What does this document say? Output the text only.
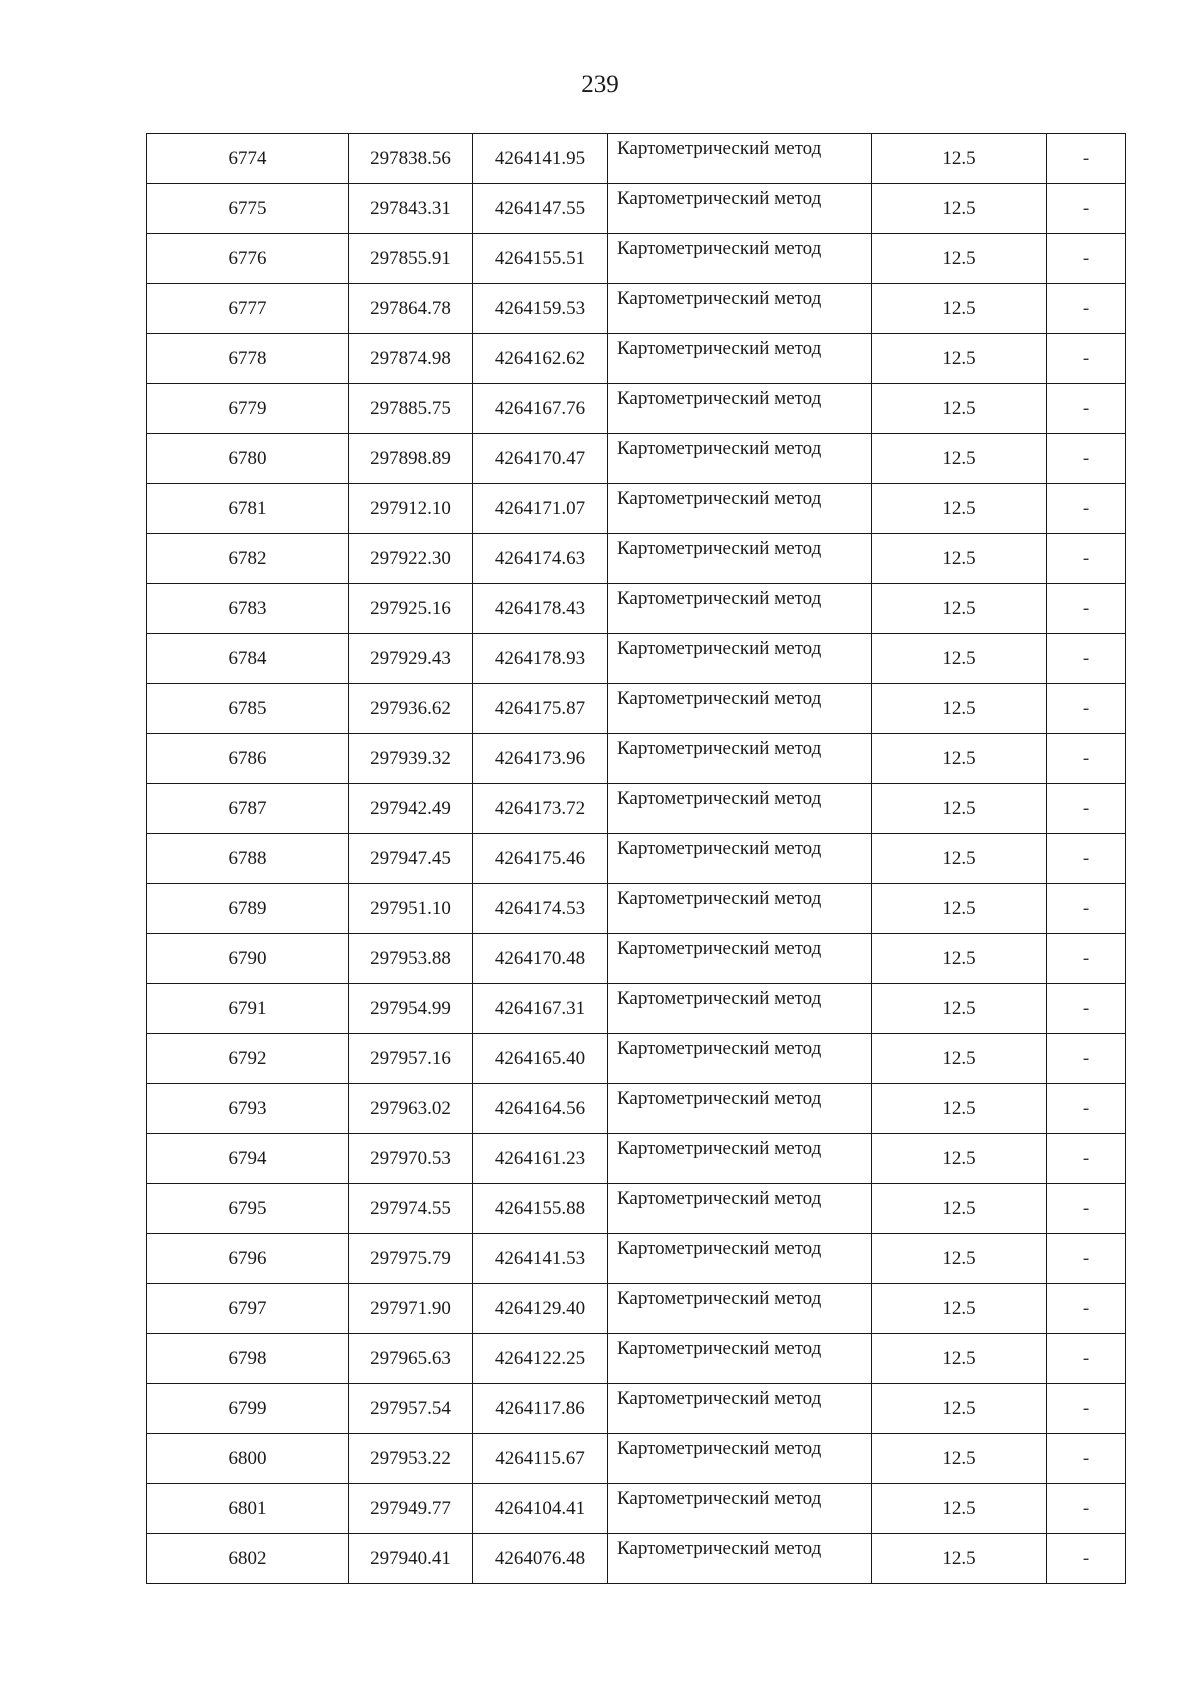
239
6774	297838.56	4264141.95	Картометрический метод	12.5	-
6775	297843.31	4264147.55	Картометрический метод	12.5	-
6776	297855.91	4264155.51	Картометрический метод	12.5	-
6777	297864.78	4264159.53	Картометрический метод	12.5	-
6778	297874.98	4264162.62	Картометрический метод	12.5	-
6779	297885.75	4264167.76	Картометрический метод	12.5	-
6780	297898.89	4264170.47	Картометрический метод	12.5	-
6781	297912.10	4264171.07	Картометрический метод	12.5	-
6782	297922.30	4264174.63	Картометрический метод	12.5	-
6783	297925.16	4264178.43	Картометрический метод	12.5	-
6784	297929.43	4264178.93	Картометрический метод	12.5	-
6785	297936.62	4264175.87	Картометрический метод	12.5	-
6786	297939.32	4264173.96	Картометрический метод	12.5	-
6787	297942.49	4264173.72	Картометрический метод	12.5	-
6788	297947.45	4264175.46	Картометрический метод	12.5	-
6789	297951.10	4264174.53	Картометрический метод	12.5	-
6790	297953.88	4264170.48	Картометрический метод	12.5	-
6791	297954.99	4264167.31	Картометрический метод	12.5	-
6792	297957.16	4264165.40	Картометрический метод	12.5	-
6793	297963.02	4264164.56	Картометрический метод	12.5	-
6794	297970.53	4264161.23	Картометрический метод	12.5	-
6795	297974.55	4264155.88	Картометрический метод	12.5	-
6796	297975.79	4264141.53	Картометрический метод	12.5	-
6797	297971.90	4264129.40	Картометрический метод	12.5	-
6798	297965.63	4264122.25	Картометрический метод	12.5	-
6799	297957.54	4264117.86	Картометрический метод	12.5	-
6800	297953.22	4264115.67	Картометрический метод	12.5	-
6801	297949.77	4264104.41	Картометрический метод	12.5	-
6802	297940.41	4264076.48	Картометрический метод	12.5	-
